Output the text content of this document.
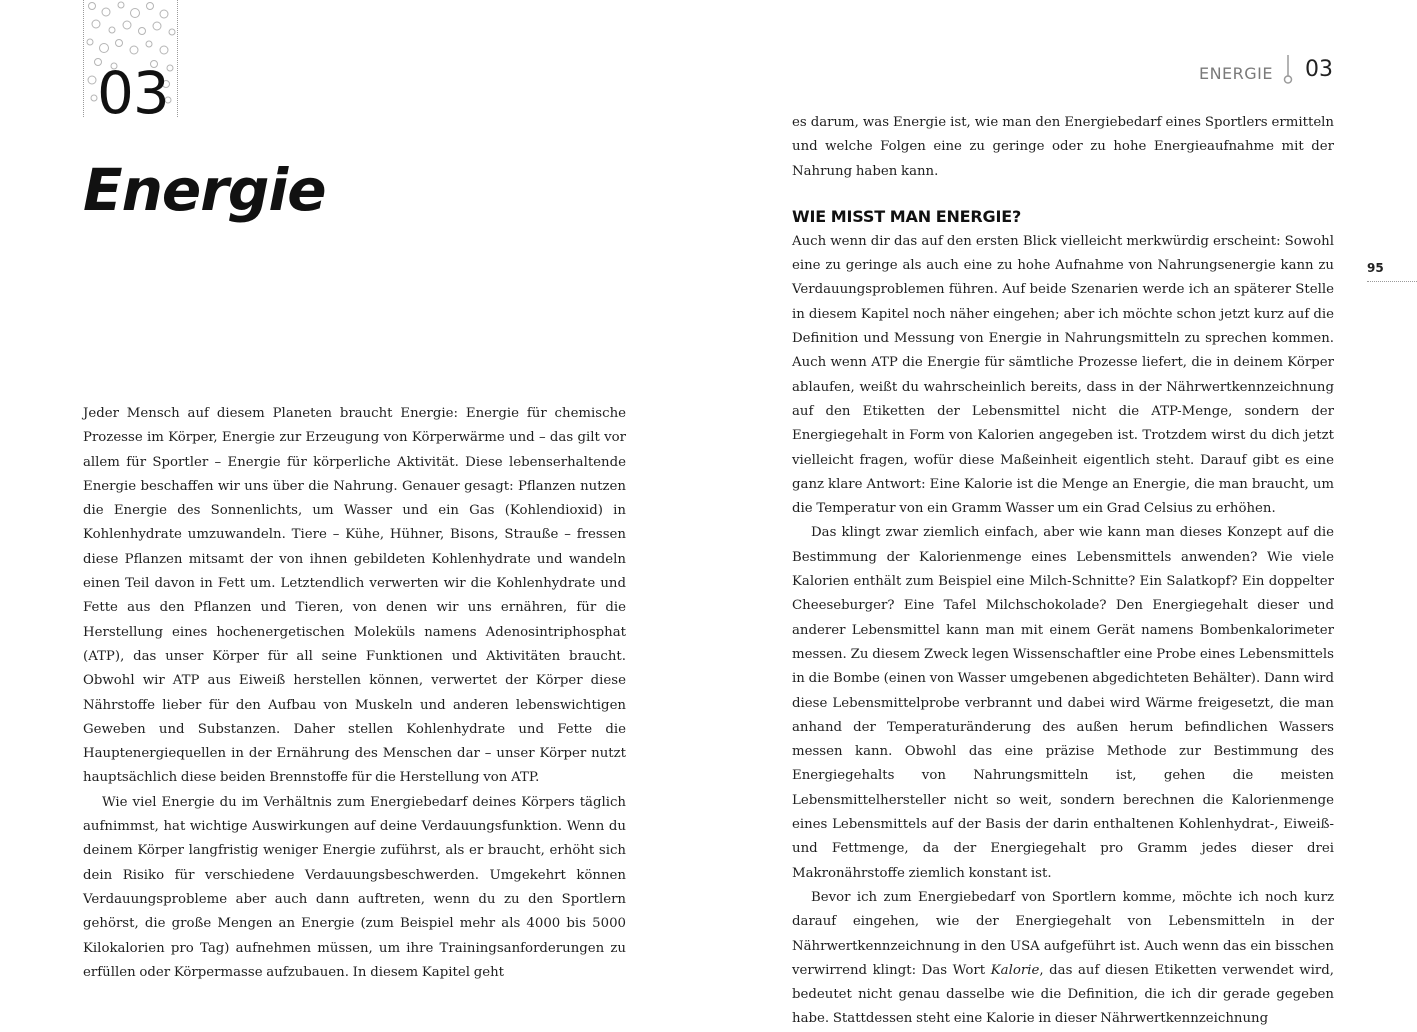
03
Energie
ENERGIE 03
95

Jeder Mensch auf diesem Planeten braucht Energie: Energie für chemische Prozesse im Körper, Energie zur Erzeugung von Körperwärme und – das gilt vor allem für Sportler – Energie für körperliche Aktivität. Diese lebenserhaltende Energie beschaffen wir uns über die Nahrung. Genauer gesagt: Pflanzen nutzen die Energie des Sonnenlichts, um Wasser und ein Gas (Kohlendioxid) in Kohlenhydrate umzuwandeln. Tiere – Kühe, Hühner, Bisons, Strauße – fressen diese Pflanzen mitsamt der von ihnen gebildeten Kohlenhydrate und wandeln einen Teil davon in Fett um. Letztendlich verwerten wir die Kohlenhydrate und Fette aus den Pflanzen und Tieren, von denen wir uns ernähren, für die Herstellung eines hochenergetischen Moleküls namens Adenosintriphosphat (ATP), das unser Körper für all seine Funktionen und Aktivitäten braucht. Obwohl wir ATP aus Eiweiß herstellen können, verwertet der Körper diese Nährstoffe lieber für den Aufbau von Muskeln und anderen lebenswichtigen Geweben und Substanzen. Daher stellen Kohlenhydrate und Fette die Hauptenergiequellen in der Ernährung des Menschen dar – unser Körper nutzt hauptsächlich diese beiden Brennstoffe für die Herstellung von ATP.

Wie viel Energie du im Verhältnis zum Energiebedarf deines Körpers täglich aufnimmst, hat wichtige Auswirkungen auf deine Verdauungsfunktion. Wenn du deinem Körper langfristig weniger Energie zuführst, als er braucht, erhöht sich dein Risiko für verschiedene Verdauungsbeschwerden. Umgekehrt können Verdauungsprobleme aber auch dann auftreten, wenn du zu den Sportlern gehörst, die große Mengen an Energie (zum Beispiel mehr als 4000 bis 5000 Kilokalorien pro Tag) aufnehmen müssen, um ihre Trainingsanforderungen zu erfüllen oder Körpermasse aufzubauen. In diesem Kapitel geht

es darum, was Energie ist, wie man den Energiebedarf eines Sportlers ermitteln und welche Folgen eine zu geringe oder zu hohe Energieaufnahme mit der Nahrung haben kann.

WIE MISST MAN ENERGIE?

Auch wenn dir das auf den ersten Blick vielleicht merkwürdig erscheint: Sowohl eine zu geringe als auch eine zu hohe Aufnahme von Nahrungsenergie kann zu Verdauungsproblemen führen. Auf beide Szenarien werde ich an späterer Stelle in diesem Kapitel noch näher eingehen; aber ich möchte schon jetzt kurz auf die Definition und Messung von Energie in Nahrungsmitteln zu sprechen kommen. Auch wenn ATP die Energie für sämtliche Prozesse liefert, die in deinem Körper ablaufen, weißt du wahrscheinlich bereits, dass in der Nährwertkennzeichnung auf den Etiketten der Lebensmittel nicht die ATP-Menge, sondern der Energiegehalt in Form von Kalorien angegeben ist. Trotzdem wirst du dich jetzt vielleicht fragen, wofür diese Maßeinheit eigentlich steht. Darauf gibt es eine ganz klare Antwort: Eine Kalorie ist die Menge an Energie, die man braucht, um die Temperatur von ein Gramm Wasser um ein Grad Celsius zu erhöhen.

Das klingt zwar ziemlich einfach, aber wie kann man dieses Konzept auf die Bestimmung der Kalorienmenge eines Lebensmittels anwenden? Wie viele Kalorien enthält zum Beispiel eine Milch-Schnitte? Ein Salatkopf? Ein doppelter Cheeseburger? Eine Tafel Milchschokolade? Den Energiegehalt dieser und anderer Lebensmittel kann man mit einem Gerät namens Bombenkalorimeter messen. Zu diesem Zweck legen Wissenschaftler eine Probe eines Lebensmittels in die Bombe (einen von Wasser umgebenen abgedichteten Behälter). Dann wird diese Lebensmittelprobe verbrannt und dabei wird Wärme freigesetzt, die man anhand der Temperaturänderung des außen herum befindlichen Wassers messen kann. Obwohl das eine präzise Methode zur Bestimmung des Energiegehalts von Nahrungsmitteln ist, gehen die meisten Lebensmittelhersteller nicht so weit, sondern berechnen die Kalorienmenge eines Lebensmittels auf der Basis der darin enthaltenen Kohlenhydrat-, Eiweiß- und Fettmenge, da der Energiegehalt pro Gramm jedes dieser drei Makronährstoffe ziemlich konstant ist.

Bevor ich zum Energiebedarf von Sportlern komme, möchte ich noch kurz darauf eingehen, wie der Energiegehalt von Lebensmitteln in der Nährwertkennzeichnung in den USA aufgeführt ist. Auch wenn das ein bisschen verwirrend klingt: Das Wort Kalorie, das auf diesen Etiketten verwendet wird, bedeutet nicht genau dasselbe wie die Definition, die ich dir gerade gegeben habe. Stattdessen steht eine Kalorie in dieser Nährwertkennzeichnung
